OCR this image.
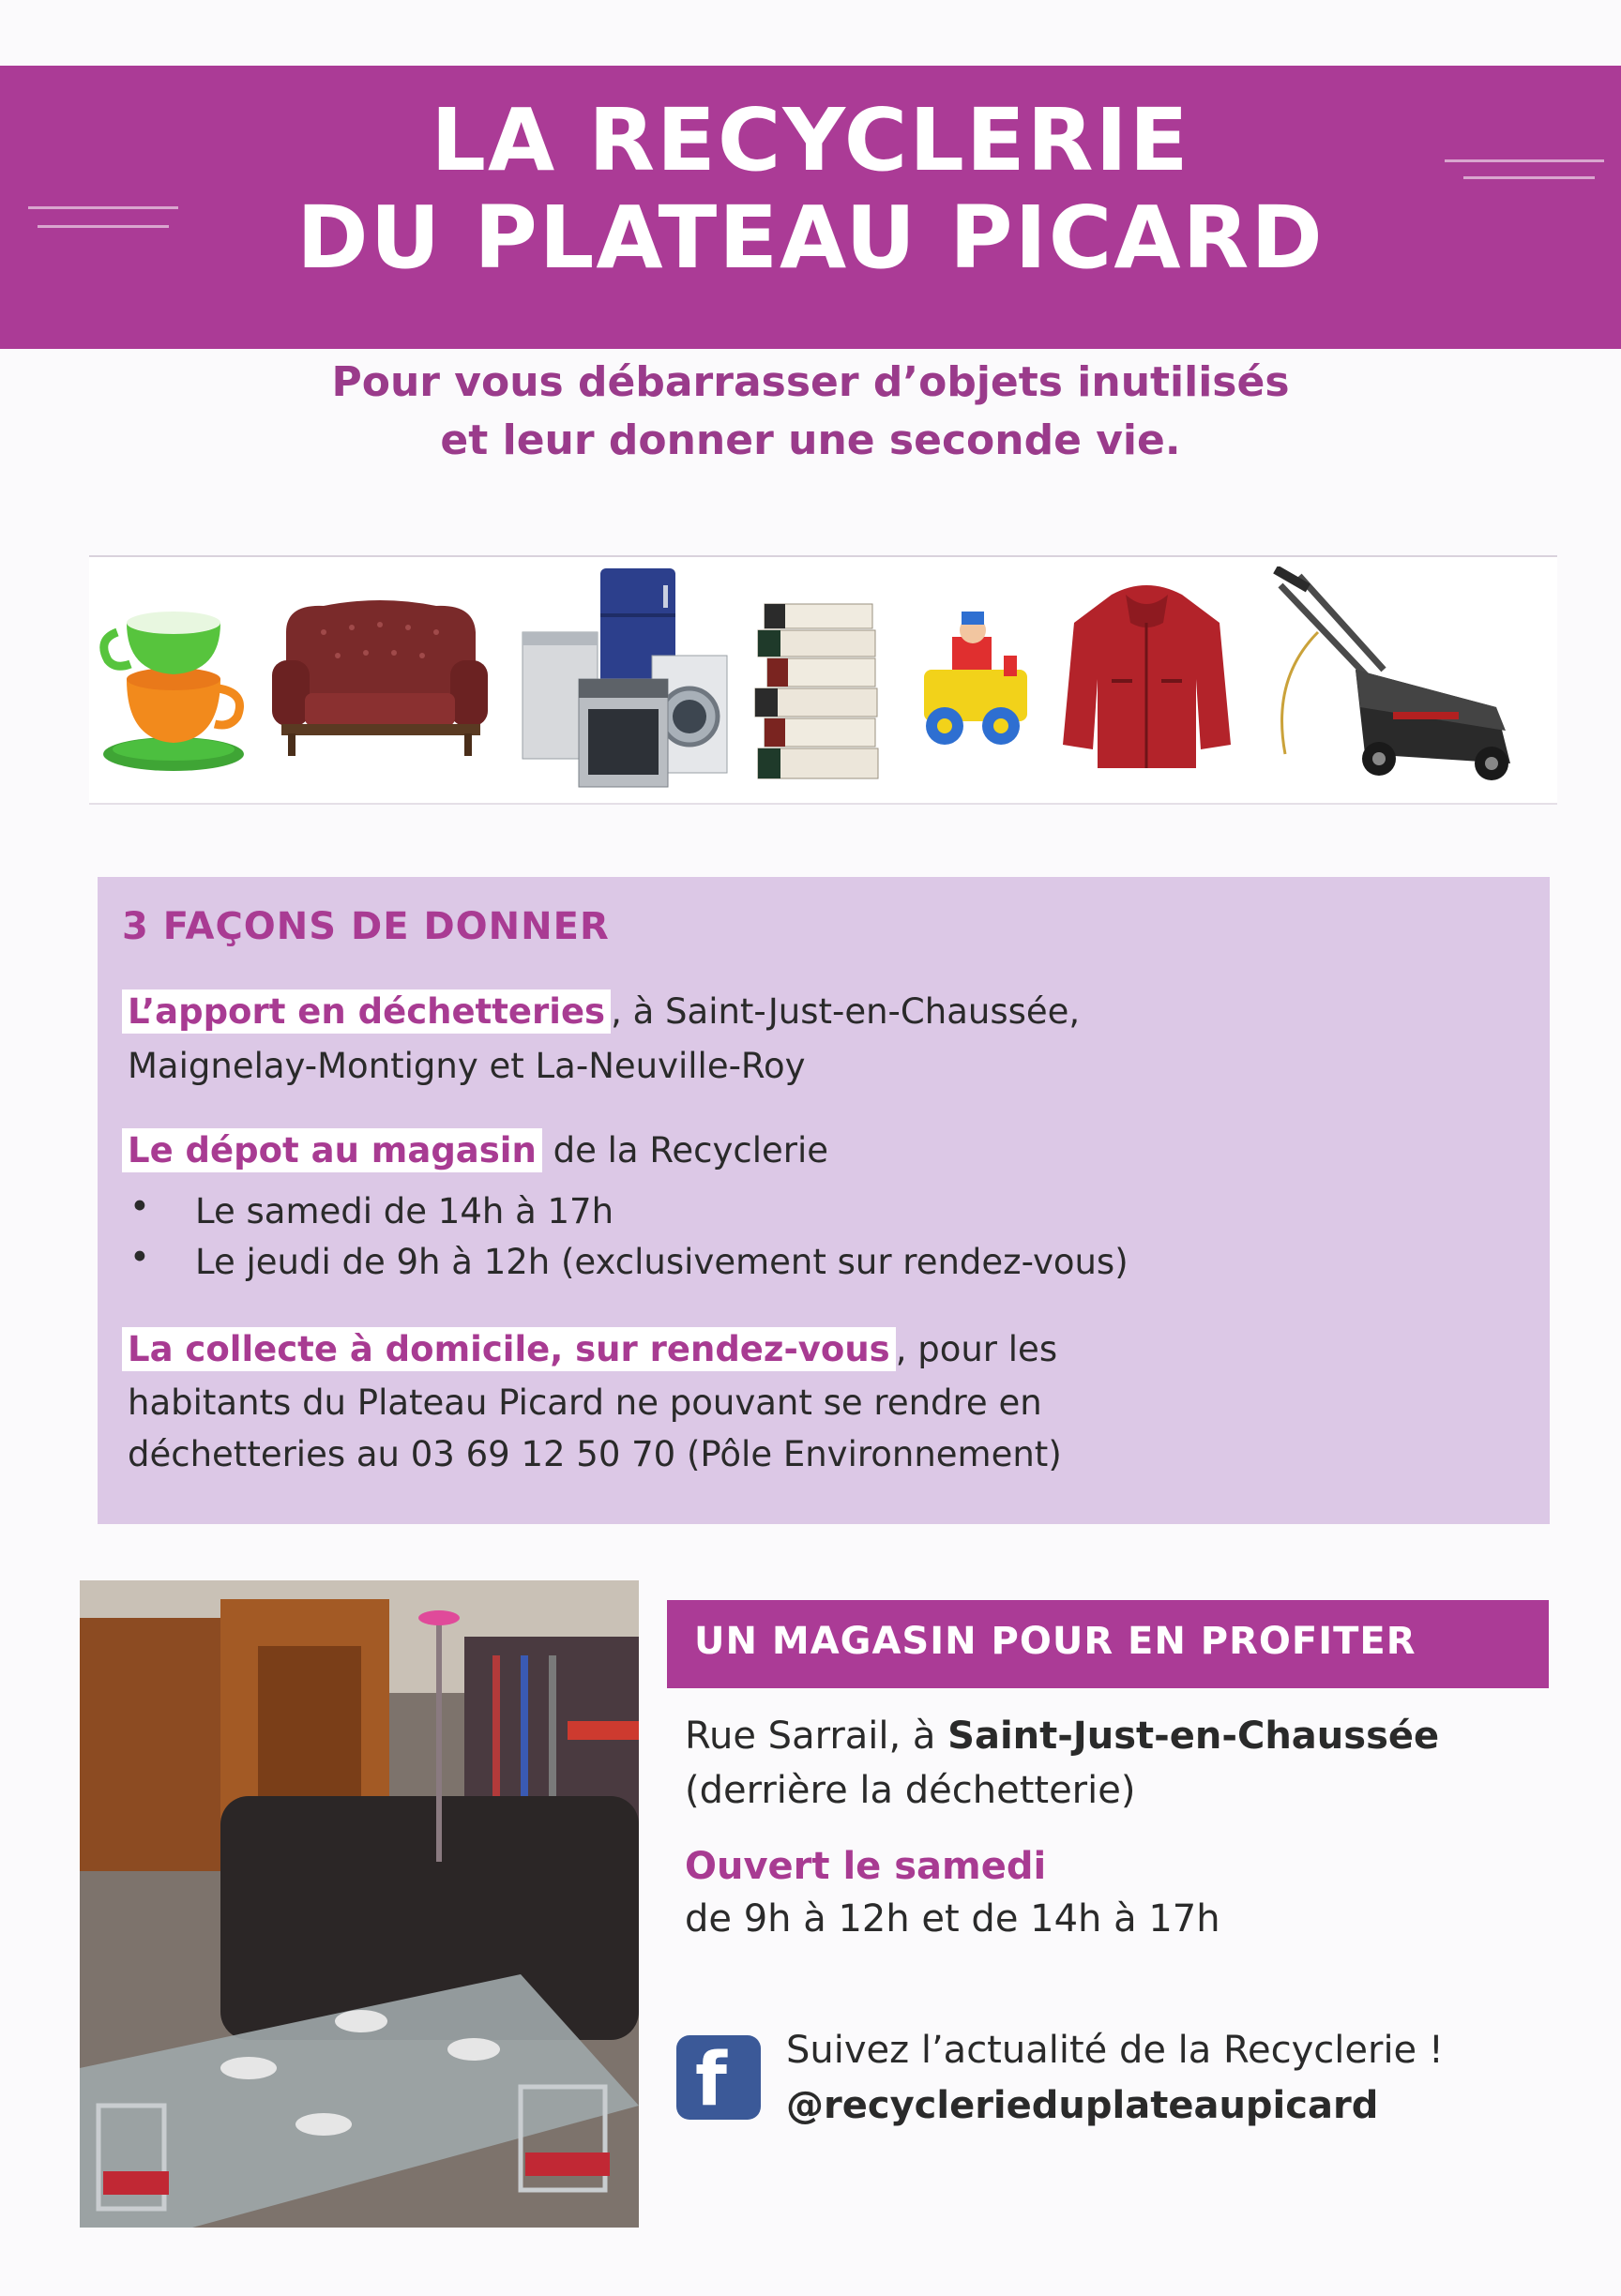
LA RECYCLERIE
DU PLATEAU PICARD
Pour vous débarrasser d’objets inutilisés
et leur donner une seconde vie.
3 FAÇONS DE DONNER
L’apport en déchetteries , à Saint-Just-en-Chaussée,
Maignelay-Montigny et La-Neuville-Roy
Le dépot au magasin de la Recyclerie
• Le samedi de 14h à 17h
• Le jeudi de 9h à 12h (exclusivement sur rendez-vous)
La collecte à domicile, sur rendez-vous , pour les
habitants du Plateau Picard ne pouvant se rendre en
déchetteries au 03 69 12 50 70 (Pôle Environnement)
UN MAGASIN POUR EN PROFITER
Rue Sarrail, à Saint-Just-en-Chaussée
(derrière la déchetterie)
Ouvert le samedi
de 9h à 12h et de 14h à 17h
f Suivez l’actualité de la Recyclerie !
@recyclerieduplateaupicard
